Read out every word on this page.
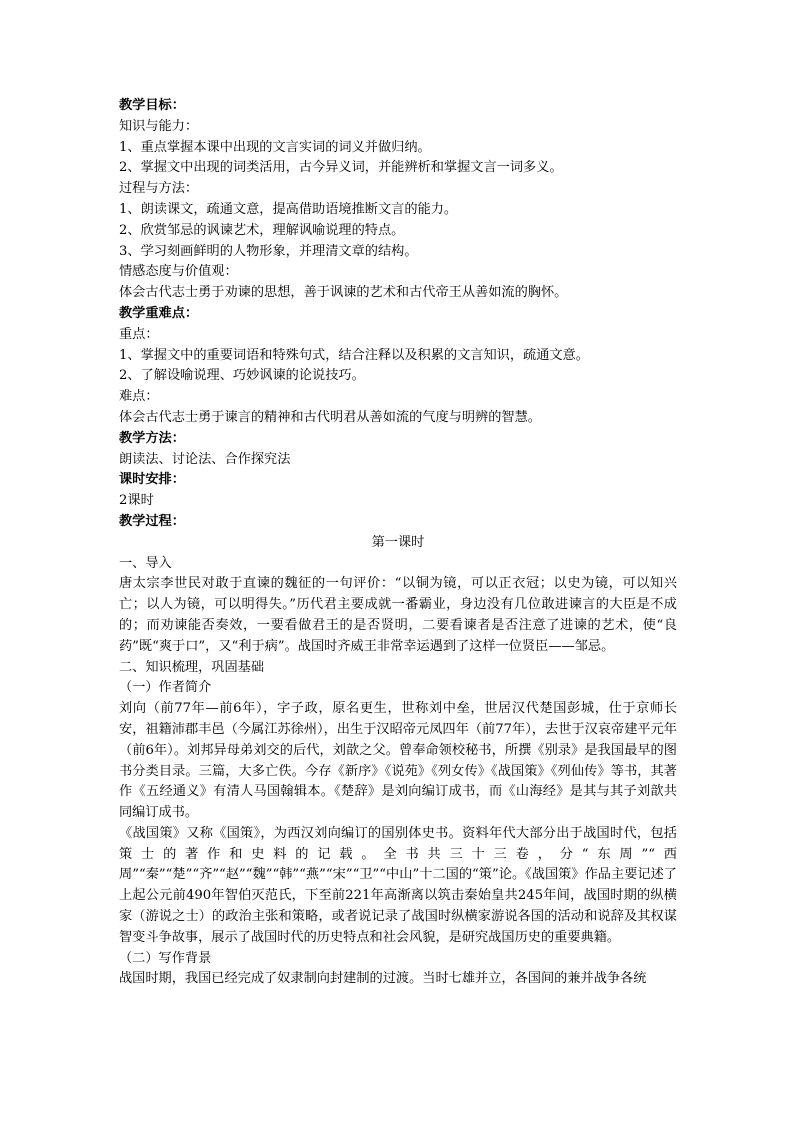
教学目标：

知识与能力：

1、重点掌握本课中出现的文言实词的词义并做归纳。

2、掌握文中出现的词类活用，古今异义词，并能辨析和掌握文言一词多义。

过程与方法：

1、朗读课文，疏通文意，提高借助语境推断文言的能力。

2、欣赏邹忌的讽谏艺术，理解讽喻说理的特点。

3、学习刻画鲜明的人物形象，并理清文章的结构。

情感态度与价值观：

体会古代志士勇于劝谏的思想，善于讽谏的艺术和古代帝王从善如流的胸怀。

教学重难点：

重点：

1、掌握文中的重要词语和特殊句式，结合注释以及积累的文言知识，疏通文意。

2、了解设喻说理、巧妙讽谏的论说技巧。

难点：

体会古代志士勇于谏言的精神和古代明君从善如流的气度与明辨的智慧。

教学方法：

朗读法、讨论法、合作探究法

课时安排：

2课时

教学过程：

第一课时

一、导入

唐太宗李世民对敢于直谏的魏征的一句评价：“以铜为镜，可以正衣冠；以史为镜，可以知兴亡；以人为镜，可以明得失。”历代君主要成就一番霸业，身边没有几位敢进谏言的大臣是不成的；而劝谏能否奏效，一要看做君王的是否贤明，二要看谏者是否注意了进谏的艺术，使“良药”既“爽于口”，又“利于病”。战国时齐威王非常幸运遇到了这样一位贤臣——邹忌。

二、知识梳理，巩固基础

（一）作者简介

刘向（前77年—前6年），字子政，原名更生，世称刘中垒，世居汉代楚国彭城，仕于京师长安，祖籍沛郡丰邑（今属江苏徐州），出生于汉昭帝元凤四年（前77年），去世于汉哀帝建平元年（前6年）。刘邦异母弟刘交的后代，刘歆之父。曾奉命领校秘书，所撰《别录》是我国最早的图书分类目录。三篇，大多亡佚。今存《新序》《说苑》《列女传》《战国策》《列仙传》等书，其著作《五经通义》有清人马国翰辑本。《楚辞》是刘向编订成书，而《山海经》是其与其子刘歆共同编订成书。

《战国策》又称《国策》，为西汉刘向编订的国别体史书。资料年代大部分出于战国时代，包括策士的著作和史料的记载。全书共三十三卷，分“东周”“西周”“秦”“楚”“齐”“赵”“魏”“韩”“燕”“宋”“卫”“中山”十二国的“策”论。《战国策》作品主要记述了上起公元前490年智伯灭范氏，下至前221年高渐离以筑击秦始皇共245年间，战国时期的纵横家（游说之士）的政治主张和策略，或者说记录了战国时纵横家游说各国的活动和说辞及其权谋智变斗争故事，展示了战国时代的历史特点和社会风貌，是研究战国历史的重要典籍。

（二）写作背景

战国时期，我国已经完成了奴隶制向封建制的过渡。当时七雄并立，各国间的兼并战争各统
